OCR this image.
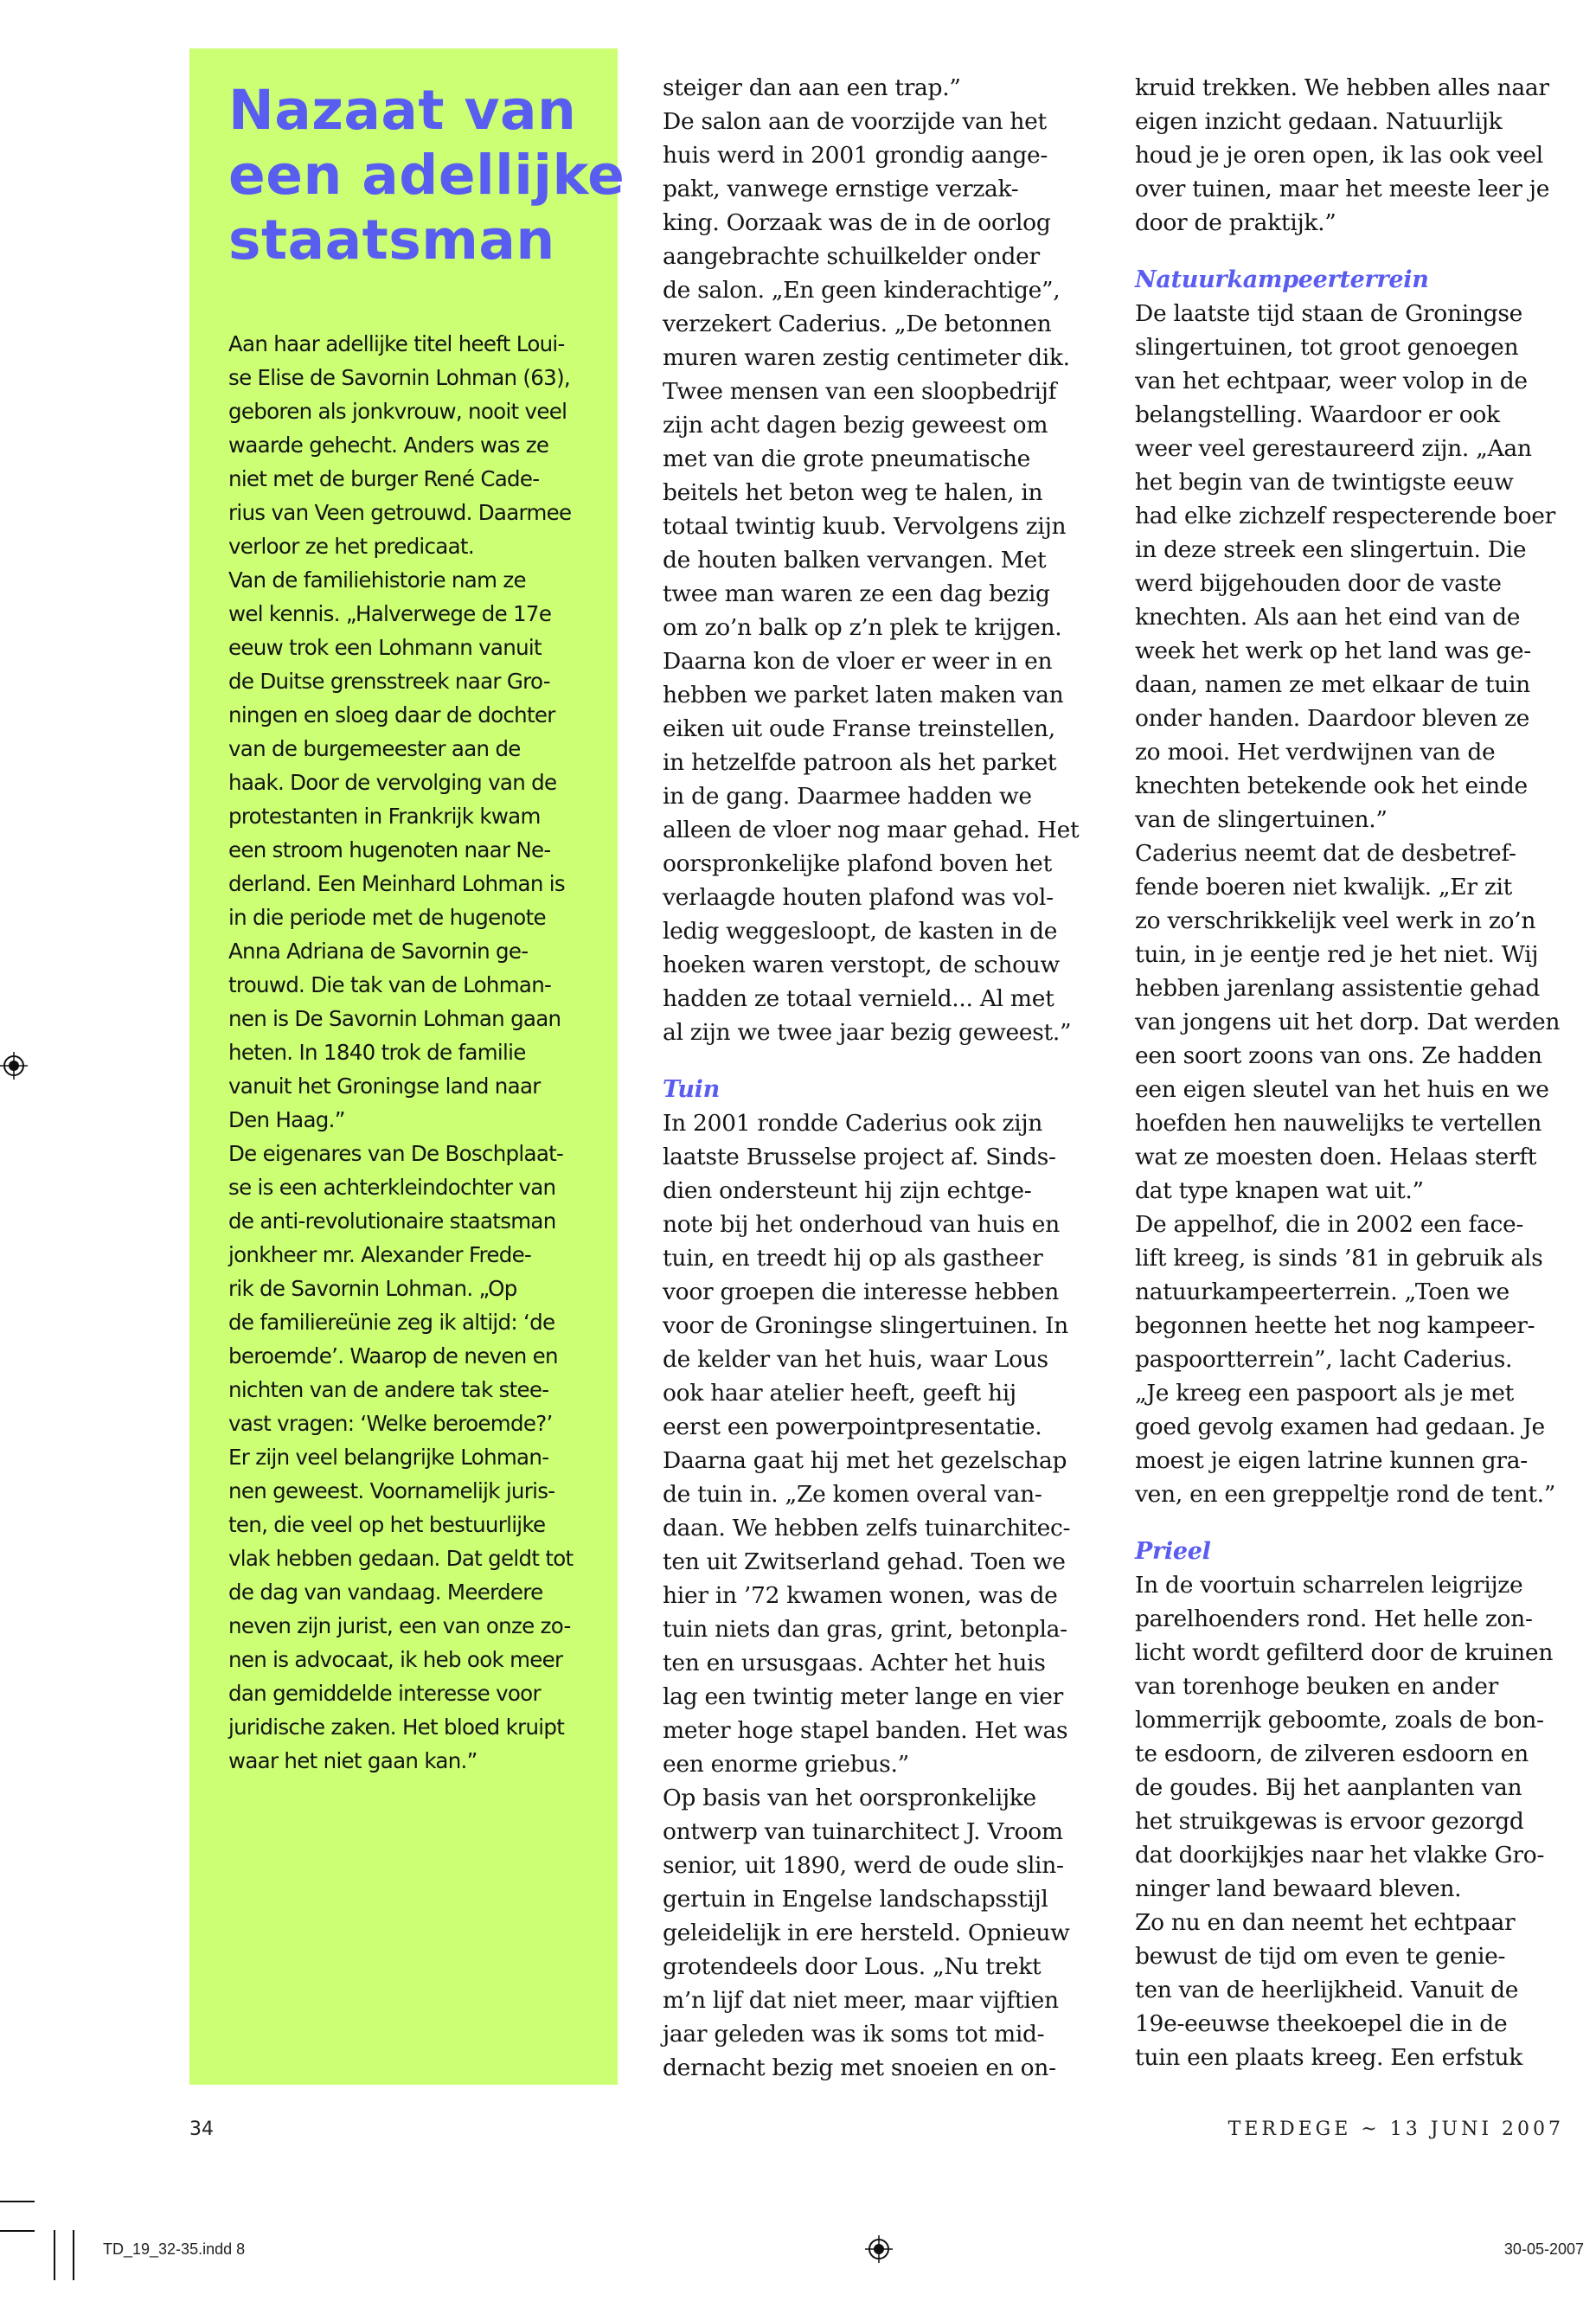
Nazaat van
een adellijke
staatsman
Aan haar adellijke titel heeft Loui-
se Elise de Savornin Lohman (63),
geboren als jonkvrouw, nooit veel
waarde gehecht. Anders was ze
niet met de burger René Cade-
rius van Veen getrouwd. Daarmee
verloor ze het predicaat.
Van de familiehistorie nam ze
wel kennis. „Halverwege de 17e
eeuw trok een Lohmann vanuit
de Duitse grensstreek naar Gro-
ningen en sloeg daar de dochter
van de burgemeester aan de
haak. Door de vervolging van de
protestanten in Frankrijk kwam
een stroom hugenoten naar Ne-
derland. Een Meinhard Lohman is
in die periode met de hugenote
Anna Adriana de Savornin ge-
trouwd. Die tak van de Lohman-
nen is De Savornin Lohman gaan
heten. In 1840 trok de familie
vanuit het Groningse land naar
Den Haag.”
De eigenares van De Boschplaat-
se is een achterkleindochter van
de anti-revolutionaire staatsman
jonkheer mr. Alexander Frede-
rik de Savornin Lohman. „Op
de familiereünie zeg ik altijd: ‘de
beroemde’. Waarop de neven en
nichten van de andere tak stee-
vast vragen: ‘Welke beroemde?’
Er zijn veel belangrijke Lohman-
nen geweest. Voornamelijk juris-
ten, die veel op het bestuurlijke
vlak hebben gedaan. Dat geldt tot
de dag van vandaag. Meerdere
neven zijn jurist, een van onze zo-
nen is advocaat, ik heb ook meer
dan gemiddelde interesse voor
juridische zaken. Het bloed kruipt
waar het niet gaan kan.”
steiger dan aan een trap.”
De salon aan de voorzijde van het
huis werd in 2001 grondig aange-
pakt, vanwege ernstige verzak-
king. Oorzaak was de in de oorlog
aangebrachte schuilkelder onder
de salon. „En geen kinderachtige”,
verzekert Caderius. „De betonnen
muren waren zestig centimeter dik.
Twee mensen van een sloopbedrijf
zijn acht dagen bezig geweest om
met van die grote pneumatische
beitels het beton weg te halen, in
totaal twintig kuub. Vervolgens zijn
de houten balken vervangen. Met
twee man waren ze een dag bezig
om zo’n balk op z’n plek te krijgen.
Daarna kon de vloer er weer in en
hebben we parket laten maken van
eiken uit oude Franse treinstellen,
in hetzelfde patroon als het parket
in de gang. Daarmee hadden we
alleen de vloer nog maar gehad. Het
oorspronkelijke plafond boven het
verlaagde houten plafond was vol-
ledig weggesloopt, de kasten in de
hoeken waren verstopt, de schouw
hadden ze totaal vernield... Al met
al zijn we twee jaar bezig geweest.”
Tuin
In 2001 rondde Caderius ook zijn
laatste Brusselse project af. Sinds-
dien ondersteunt hij zijn echtge-
note bij het onderhoud van huis en
tuin, en treedt hij op als gastheer
voor groepen die interesse hebben
voor de Groningse slingertuinen. In
de kelder van het huis, waar Lous
ook haar atelier heeft, geeft hij
eerst een powerpointpresentatie.
Daarna gaat hij met het gezelschap
de tuin in. „Ze komen overal van-
daan. We hebben zelfs tuinarchitec-
ten uit Zwitserland gehad. Toen we
hier in ’72 kwamen wonen, was de
tuin niets dan gras, grint, betonpla-
ten en ursusgaas. Achter het huis
lag een twintig meter lange en vier
meter hoge stapel banden. Het was
een enorme griebus.”
Op basis van het oorspronkelijke
ontwerp van tuinarchitect J. Vroom
senior, uit 1890, werd de oude slin-
gertuin in Engelse landschapsstijl
geleidelijk in ere hersteld. Opnieuw
grotendeels door Lous. „Nu trekt
m’n lijf dat niet meer, maar vijftien
jaar geleden was ik soms tot mid-
dernacht bezig met snoeien en on-
kruid trekken. We hebben alles naar
eigen inzicht gedaan. Natuurlijk
houd je je oren open, ik las ook veel
over tuinen, maar het meeste leer je
door de praktijk.”
Natuurkampeerterrein
De laatste tijd staan de Groningse
slingertuinen, tot groot genoegen
van het echtpaar, weer volop in de
belangstelling. Waardoor er ook
weer veel gerestaureerd zijn. „Aan
het begin van de twintigste eeuw
had elke zichzelf respecterende boer
in deze streek een slingertuin. Die
werd bijgehouden door de vaste
knechten. Als aan het eind van de
week het werk op het land was ge-
daan, namen ze met elkaar de tuin
onder handen. Daardoor bleven ze
zo mooi. Het verdwijnen van de
knechten betekende ook het einde
van de slingertuinen.”
Caderius neemt dat de desbetref-
fende boeren niet kwalijk. „Er zit
zo verschrikkelijk veel werk in zo’n
tuin, in je eentje red je het niet. Wij
hebben jarenlang assistentie gehad
van jongens uit het dorp. Dat werden
een soort zoons van ons. Ze hadden
een eigen sleutel van het huis en we
hoefden hen nauwelijks te vertellen
wat ze moesten doen. Helaas sterft
dat type knapen wat uit.”
De appelhof, die in 2002 een face-
lift kreeg, is sinds ’81 in gebruik als
natuurkampeerterrein. „Toen we
begonnen heette het nog kampeer-
paspoortterrein”, lacht Caderius.
„Je kreeg een paspoort als je met
goed gevolg examen had gedaan. Je
moest je eigen latrine kunnen gra-
ven, en een greppeltje rond de tent.”
Prieel
In de voortuin scharrelen leigrijze
parelhoenders rond. Het helle zon-
licht wordt gefilterd door de kruinen
van torenhoge beuken en ander
lommerrijk geboomte, zoals de bon-
te esdoorn, de zilveren esdoorn en
de goudes. Bij het aanplanten van
het struikgewas is ervoor gezorgd
dat doorkijkjes naar het vlakke Gro-
ninger land bewaard bleven.
Zo nu en dan neemt het echtpaar
bewust de tijd om even te genie-
ten van de heerlijkheid. Vanuit de
19e-eeuwse theekoepel die in de
tuin een plaats kreeg. Een erfstuk
34	TERDEGE ~ 13 JUNI 2007
TD_19_32-35.indd 8	30-05-2007
